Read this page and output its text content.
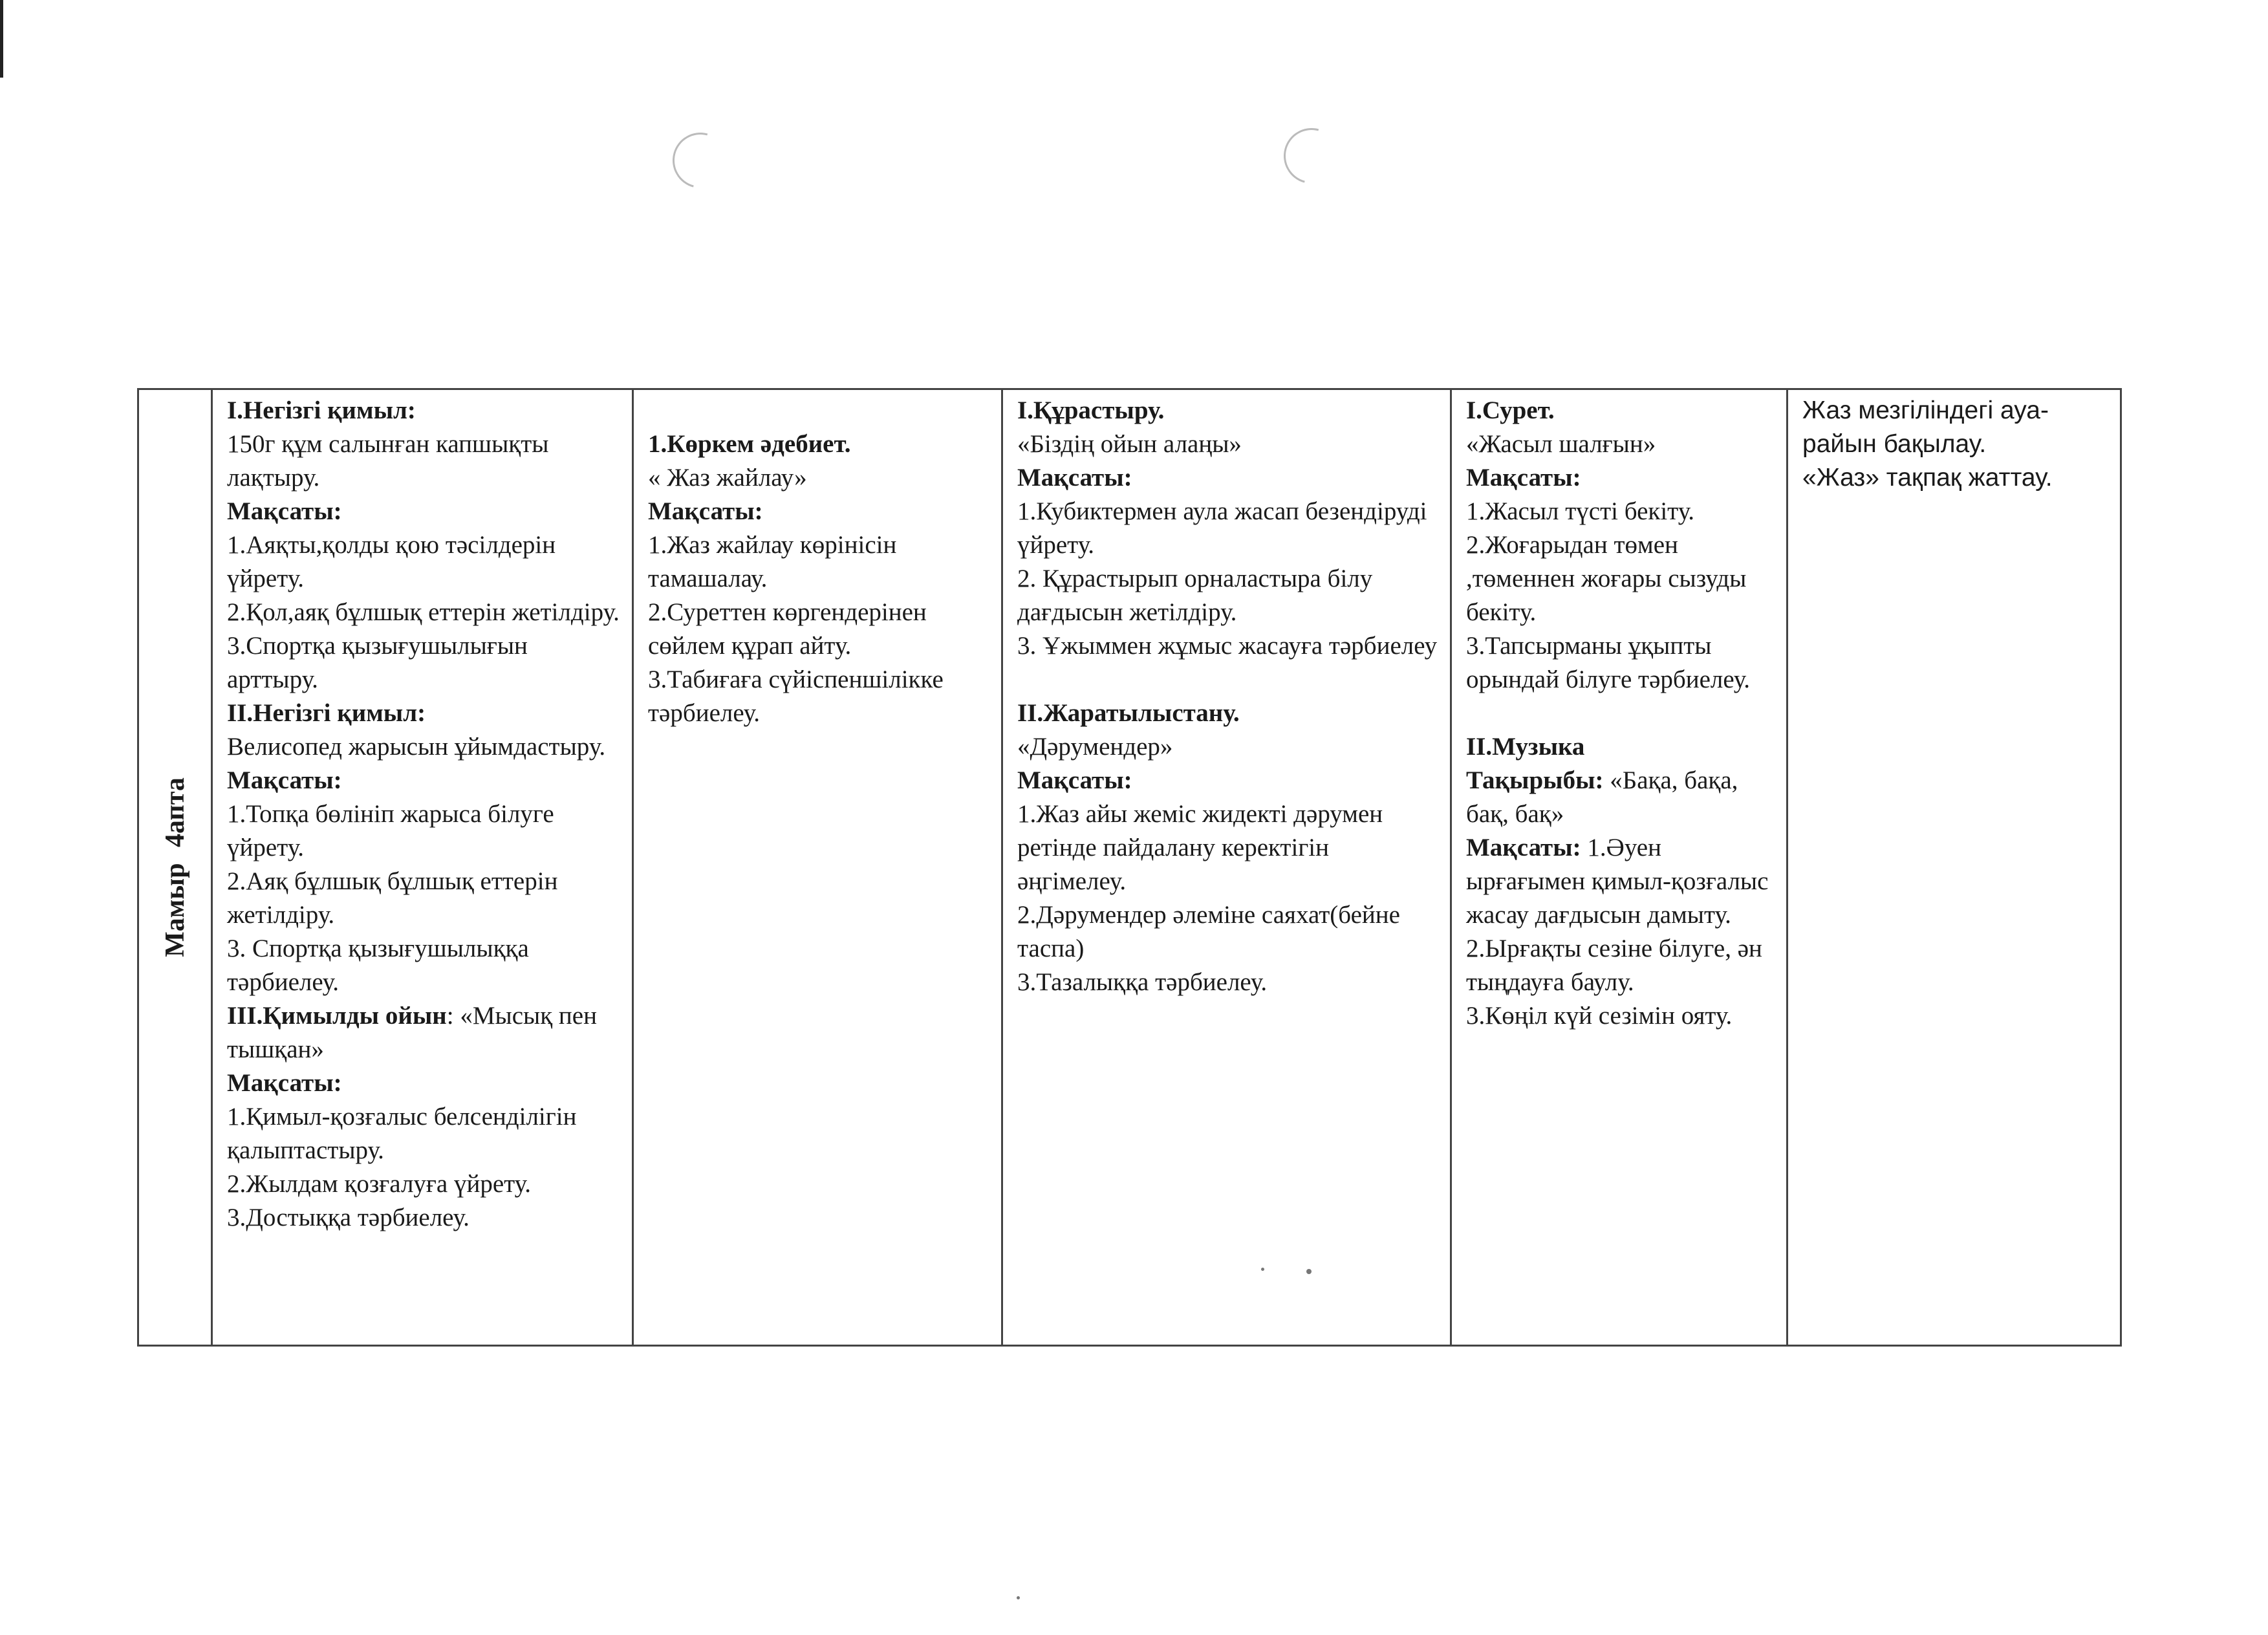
Мамыр 4апта

І.Негізгі қимыл:
150г құм салынған капшықты лақтыру.
Мақсаты:
1.Аяқты,қолды қою тәсілдерін үйрету.
2.Қол,аяқ бұлшық еттерін жетілдіру.
3.Спортқа қызығушылығын арттыру.
ІІ.Негізгі қимыл:
Велисопед жарысын ұйымдастыру.
Мақсаты:
1.Топқа бөлініп жарыса білуге үйрету.
2.Аяқ бұлшық бұлшық еттерін жетілдіру.
3. Спортқа қызығушылыққа тәрбиелеу.
ІІІ.Қимылды ойын: «Мысық пен тышқан»
Мақсаты:
1.Қимыл-қозғалыс белсенділігін қалыптастыру.
2.Жылдам қозғалуға үйрету.
3.Достыққа тәрбиелеу.

1.Көркем әдебиет.
« Жаз жайлау»
Мақсаты:
1.Жаз жайлау көрінісін тамашалау.
2.Суреттен көргендерінен сөйлем құрап айту.
3.Табиғаға сүйіспеншілікке тәрбиелеу.

І.Құрастыру.
«Біздің ойын алаңы»
Мақсаты:
1.Кубиктермен аула жасап безендіруді үйрету.
2. Құрастырып орналастыра білу дағдысын жетілдіру.
3. Ұжыммен жұмыс жасауға тәрбиелеу
ІІ.Жаратылыстану.
«Дәрумендер»
Мақсаты:
1.Жаз айы жеміс жидекті дәрумен ретінде пайдалану керектігін әңгімелеу.
2.Дәрумендер әлеміне саяхат(бейне таспа)
3.Тазалыққа тәрбиелеу.

І.Сурет.
«Жасыл шалғын»
Мақсаты:
1.Жасыл түсті бекіту.
2.Жоғарыдан төмен ,төменнен жоғары сызуды бекіту.
3.Тапсырманы ұқыпты орындай білуге тәрбиелеу.
ІІ.Музыка
Тақырыбы: «Бақа, бақа, бақ, бақ»
Мақсаты: 1.Әуен ырғағымен қимыл-қозғалыс жасау дағдысын дамыту.
2.Ырғақты сезіне білуге, ән тыңдауға баулу.
3.Көңіл күй сезімін ояту.

Жаз мезгіліндегі ауа-райын бақылау.
«Жаз» тақпақ жаттау.
